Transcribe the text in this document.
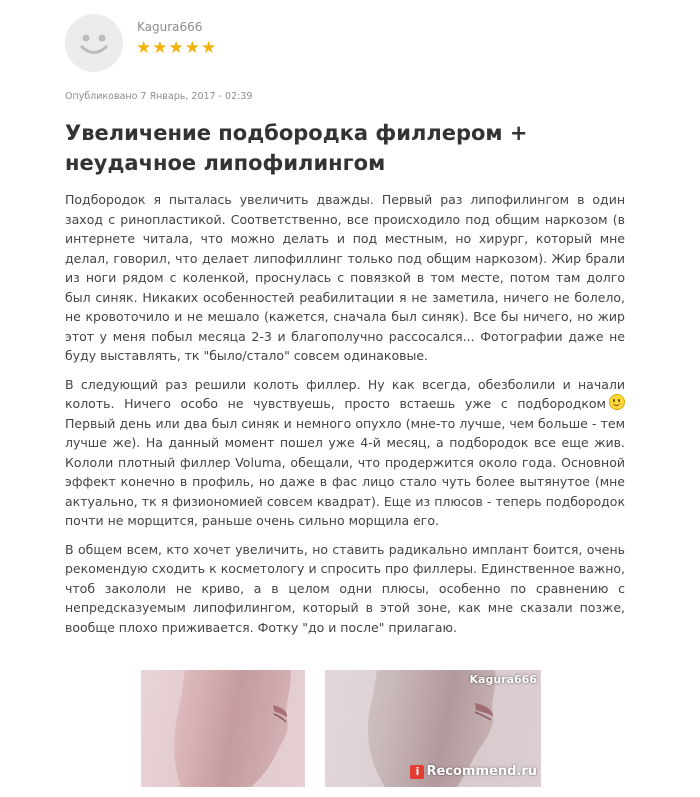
Kagura666
★★★★★
Опубликовано 7 Январь, 2017 - 02:39
Увеличение подбородка филлером + неудачное липофилингом

Подбородок я пыталась увеличить дважды. Первый раз липофилингом в один заход с ринопластикой. Соответственно, все происходило под общим наркозом (в интернете читала, что можно делать и под местным, но хирург, который мне делал, говорил, что делает липофиллинг только под общим наркозом). Жир брали из ноги рядом с коленкой, проснулась с повязкой в том месте, потом там долго был синяк. Никаких особенностей реабилитации я не заметила, ничего не болело, не кровоточило и не мешало (кажется, сначала был синяк). Все бы ничего, но жир этот у меня побыл месяца 2-3 и благополучно рассосался... Фотографии даже не буду выставлять, тк "было/стало" совсем одинаковые.

В следующий раз решили колоть филлер. Ну как всегда, обезболили и начали колоть. Ничего особо не чувствуешь, просто встаешь уже с подбородком Первый день или два был синяк и немного опухло (мне-то лучше, чем больше - тем лучше же). На данный момент пошел уже 4-й месяц, а подбородок все еще жив. Кололи плотный филлер Voluma, обещали, что продержится около года. Основной эффект конечно в профиль, но даже в фас лицо стало чуть более вытянутое (мне актуально, тк я физиономией совсем квадрат). Еще из плюсов - теперь подбородок почти не морщится, раньше очень сильно морщила его.

В общем всем, кто хочет увеличить, но ставить радикально имплант боится, очень рекомендую сходить к косметологу и спросить про филлеры. Единственное важно, чтоб закололи не криво, а в целом одни плюсы, особенно по сравнению с непредсказуемым липофилингом, который в этой зоне, как мне сказали позже, вообще плохо приживается. Фотку "до и после" прилагаю.

Kagura666
i Recommend.ru
